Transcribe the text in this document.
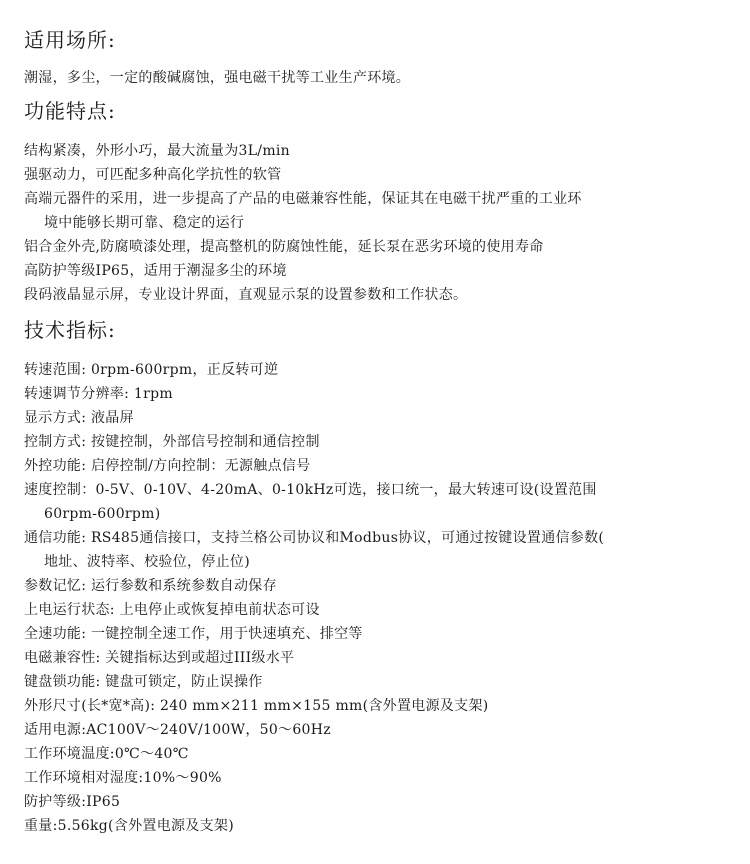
适用场所:
潮湿，多尘，一定的酸碱腐蚀，强电磁干扰等工业生产环境。
功能特点:
结构紧凑，外形小巧，最大流量为3L/min
强驱动力，可匹配多种高化学抗性的软管
高端元器件的采用，进一步提高了产品的电磁兼容性能，保证其在电磁干扰严重的工业环
境中能够长期可靠、稳定的运行
铝合金外壳,防腐喷漆处理，提高整机的防腐蚀性能，延长泵在恶劣环境的使用寿命
高防护等级IP65，适用于潮湿多尘的环境
段码液晶显示屏，专业设计界面，直观显示泵的设置参数和工作状态。
技术指标:
转速范围: 0rpm-600rpm，正反转可逆
转速调节分辨率: 1rpm
显示方式: 液晶屏
控制方式: 按键控制，外部信号控制和通信控制
外控功能: 启停控制/方向控制：无源触点信号
速度控制：0-5V、0-10V、4-20mA、0-10kHz可选，接口统一，最大转速可设(设置范围
60rpm-600rpm)
通信功能: RS485通信接口，支持兰格公司协议和Modbus协议，可通过按键设置通信参数(
地址、波特率、校验位，停止位)
参数记忆: 运行参数和系统参数自动保存
上电运行状态: 上电停止或恢复掉电前状态可设
全速功能: 一键控制全速工作，用于快速填充、排空等
电磁兼容性: 关键指标达到或超过III级水平
键盘锁功能: 键盘可锁定，防止误操作
外形尺寸(长*宽*高): 240 mm×211 mm×155 mm(含外置电源及支架)
适用电源:AC100V～240V/100W，50～60Hz
工作环境温度:0℃～40℃
工作环境相对湿度:10%～90%
防护等级:IP65
重量:5.56kg(含外置电源及支架)
